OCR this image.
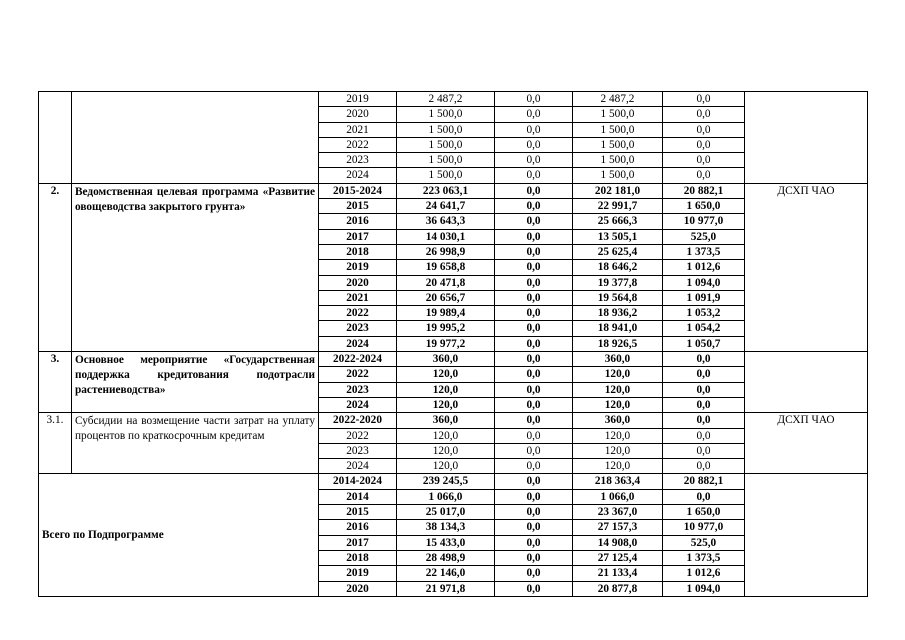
		2019	2 487,2	0,0	2 487,2	0,0	
		2020	1 500,0	0,0	1 500,0	0,0	
		2021	1 500,0	0,0	1 500,0	0,0	
		2022	1 500,0	0,0	1 500,0	0,0	
		2023	1 500,0	0,0	1 500,0	0,0	
		2024	1 500,0	0,0	1 500,0	0,0	
2.	Ведомственная целевая программа «Развитие овощеводства закрытого грунта»	2015-2024	223 063,1	0,0	202 181,0	20 882,1	ДСХП ЧАО
		2015	24 641,7	0,0	22 991,7	1 650,0	
		2016	36 643,3	0,0	25 666,3	10 977,0	
		2017	14 030,1	0,0	13 505,1	525,0	
		2018	26 998,9	0,0	25 625,4	1 373,5	
		2019	19 658,8	0,0	18 646,2	1 012,6	
		2020	20 471,8	0,0	19 377,8	1 094,0	
		2021	20 656,7	0,0	19 564,8	1 091,9	
		2022	19 989,4	0,0	18 936,2	1 053,2	
		2023	19 995,2	0,0	18 941,0	1 054,2	
		2024	19 977,2	0,0	18 926,5	1 050,7	
3.	Основное мероприятие «Государственная поддержка кредитования подотрасли растениеводства»	2022-2024	360,0	0,0	360,0	0,0	
		2022	120,0	0,0	120,0	0,0	
		2023	120,0	0,0	120,0	0,0	
		2024	120,0	0,0	120,0	0,0	
3.1.	Субсидии на возмещение части затрат на уплату процентов по краткосрочным кредитам	2022-2020	360,0	0,0	360,0	0,0	ДСХП ЧАО
		2022	120,0	0,0	120,0	0,0	
		2023	120,0	0,0	120,0	0,0	
		2024	120,0	0,0	120,0	0,0	
Всего по Подпрограмме		2014-2024	239 245,5	0,0	218 363,4	20 882,1	
		2014	1 066,0	0,0	1 066,0	0,0	
		2015	25 017,0	0,0	23 367,0	1 650,0	
		2016	38 134,3	0,0	27 157,3	10 977,0	
		2017	15 433,0	0,0	14 908,0	525,0	
		2018	28 498,9	0,0	27 125,4	1 373,5	
		2019	22 146,0	0,0	21 133,4	1 012,6	
		2020	21 971,8	0,0	20 877,8	1 094,0	
